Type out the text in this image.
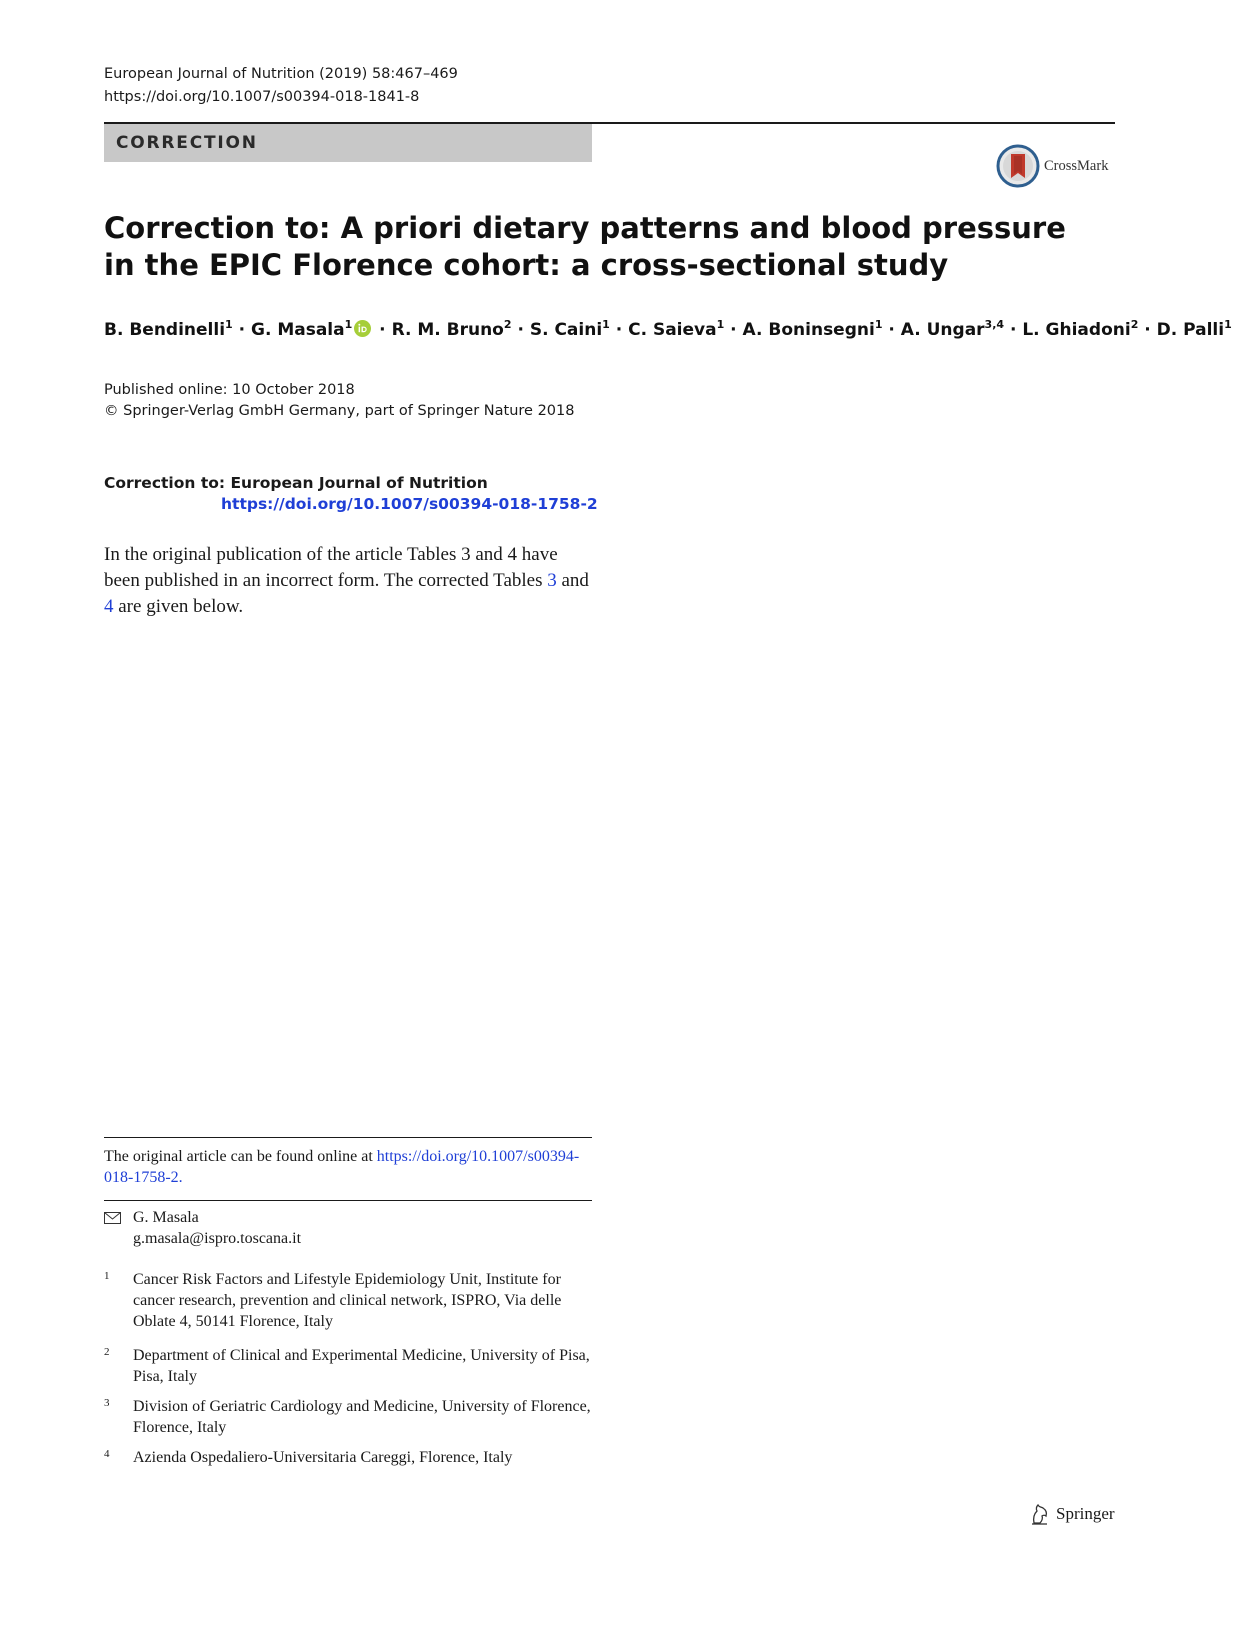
European Journal of Nutrition (2019) 58:467–469
https://doi.org/10.1007/s00394-018-1841-8
CORRECTION
CrossMark
Correction to: A priori dietary patterns and blood pressure in the EPIC Florence cohort: a cross-sectional study
B. Bendinelli$^1$ · G. Masala$^1$ · R. M. Bruno$^2$ · S. Caini$^1$ · C. Saieva$^1$ · A. Boninsegni$^1$ · A. Ungar$^{3,4}$ · L. Ghiadoni$^2$ · D. Palli$^1$
Published online: 10 October 2018
© Springer-Verlag GmbH Germany, part of Springer Nature 2018
Correction to: European Journal of Nutrition
https://doi.org/10.1007/s00394-018-1758-2
In the original publication of the article Tables 3 and 4 have been published in an incorrect form. The corrected Tables 3 and 4 are given below.
The original article can be found online at https://doi.org/10.1007/s00394-018-1758-2.
G. Masala
g.masala@ispro.toscana.it
1 Cancer Risk Factors and Lifestyle Epidemiology Unit, Institute for cancer research, prevention and clinical network, ISPRO, Via delle Oblate 4, 50141 Florence, Italy
2 Department of Clinical and Experimental Medicine, University of Pisa, Pisa, Italy
3 Division of Geriatric Cardiology and Medicine, University of Florence, Florence, Italy
4 Azienda Ospedaliero-Universitaria Careggi, Florence, Italy
Springer
